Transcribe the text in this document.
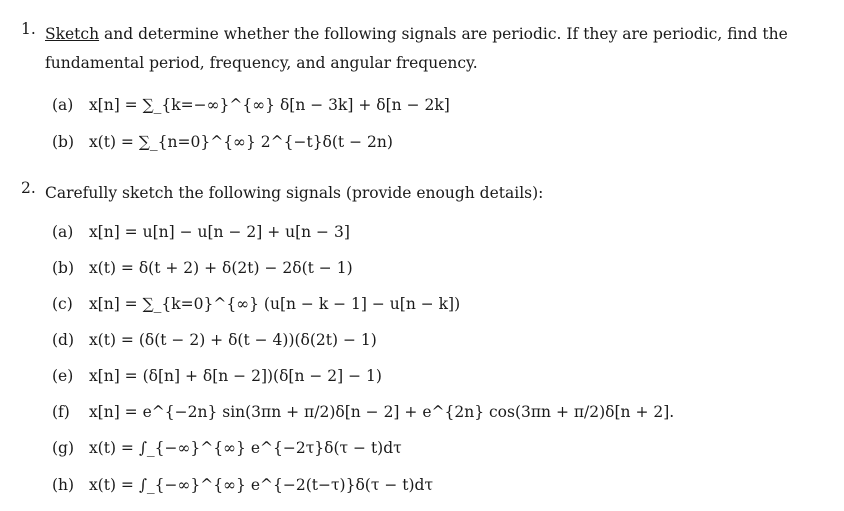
1. Sketch and determine whether the following signals are periodic. If they are periodic, find the fundamental period, frequency, and angular frequency.
(a) x[n] = ∑_{k=−∞}^{∞} δ[n − 3k] + δ[n − 2k]
(b) x(t) = ∑_{n=0}^{∞} 2^{−t}δ(t − 2n)
2. Carefully sketch the following signals (provide enough details):
(a) x[n] = u[n] − u[n − 2] + u[n − 3]
(b) x(t) = δ(t + 2) + δ(2t) − 2δ(t − 1)
(c) x[n] = ∑_{k=0}^{∞} (u[n − k − 1] − u[n − k])
(d) x(t) = (δ(t − 2) + δ(t − 4))(δ(2t) − 1)
(e) x[n] = (δ[n] + δ[n − 2])(δ[n − 2] − 1)
(f) x[n] = e^{−2n} sin(3πn + π/2)δ[n − 2] + e^{2n} cos(3πn + π/2)δ[n + 2].
(g) x(t) = ∫_{−∞}^{∞} e^{−2τ}δ(τ − t)dτ
(h) x(t) = ∫_{−∞}^{∞} e^{−2(t−τ)}δ(τ − t)dτ
